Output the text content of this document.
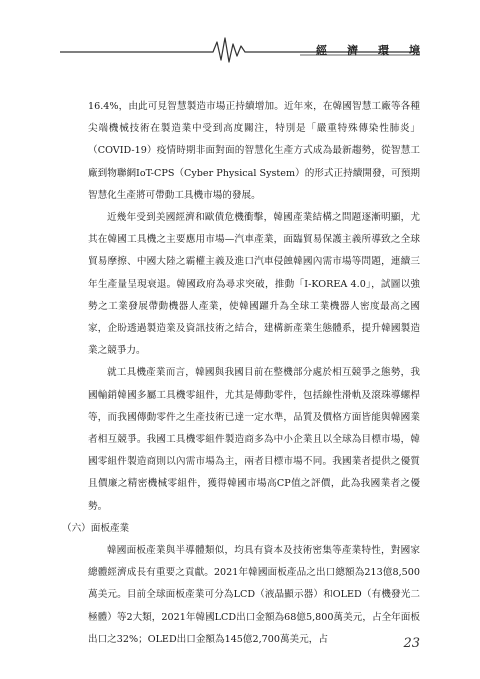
經 濟 環 境

16.4%，由此可見智慧製造市場正持續增加。近年來，在韓國智慧工廠等各種尖端機械技術在製造業中受到高度關注，特別是「嚴重特殊傳染性肺炎」（COVID-19）疫情時期非面對面的智慧化生產方式成為最新趨勢，從智慧工廠到物聯網IoT-CPS（Cyber Physical System）的形式正持續開發，可預期智慧化生產將可帶動工具機市場的發展。

近幾年受到美國經濟和歐債危機衝擊，韓國產業結構之問題逐漸明顯，尤其在韓國工具機之主要應用市場—汽車產業，面臨貿易保護主義所導致之全球貿易摩擦、中國大陸之霸權主義及進口汽車侵蝕韓國內需市場等問題，連續三年生產量呈現衰退。韓國政府為尋求突破，推動「I-KOREA 4.0」，試圖以強勢之工業發展帶動機器人產業，使韓國躍升為全球工業機器人密度最高之國家，企盼透過製造業及資訊技術之結合，建構新產業生態體系，提升韓國製造業之競爭力。

就工具機產業而言，韓國與我國目前在整機部分處於相互競爭之態勢，我國輸銷韓國多屬工具機零組件，尤其是傳動零件，包括線性滑軌及滾珠導螺桿等，而我國傳動零件之生產技術已達一定水準，品質及價格方面皆能與韓國業者相互競爭。我國工具機零組件製造商多為中小企業且以全球為目標市場，韓國零組件製造商則以內需市場為主，兩者目標市場不同。我國業者提供之優質且價廉之精密機械零組件，獲得韓國市場高CP值之評價，此為我國業者之優勢。

（六）面板產業

韓國面板產業與半導體類似，均具有資本及技術密集等產業特性，對國家總體經濟成長有重要之貢獻。2021年韓國面板產品之出口總額為213億8,500萬美元。目前全球面板產業可分為LCD（液晶顯示器）和OLED（有機發光二極體）等2大類，2021年韓國LCD出口金額為68億5,800萬美元，占全年面板出口之32%；OLED出口金額為145億2,700萬美元，占	23
